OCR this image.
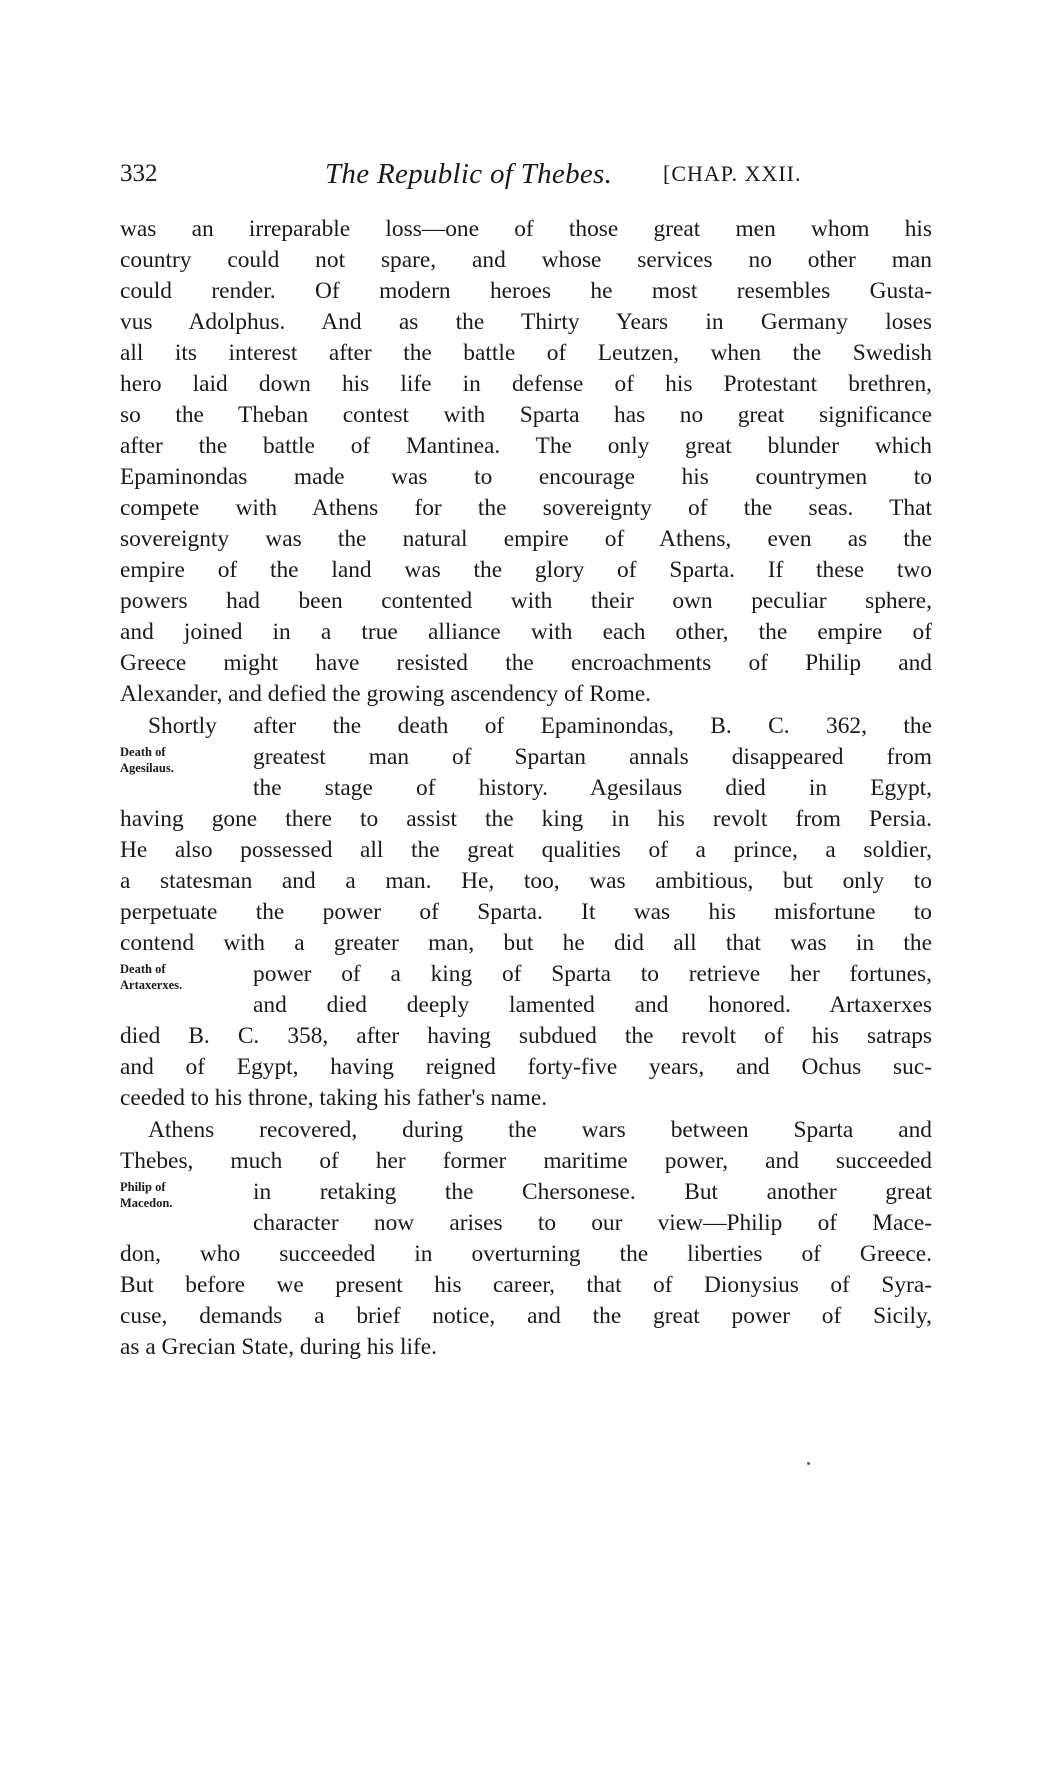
332	The Republic of Thebes. [CHAP. XXII.
was an irreparable loss—one of those great men whom his
country could not spare, and whose services no other man
could render. Of modern heroes he most resembles Gusta-
vus Adolphus. And as the Thirty Years in Germany loses
all its interest after the battle of Leutzen, when the Swedish
hero laid down his life in defense of his Protestant brethren,
so the Theban contest with Sparta has no great significance
after the battle of Mantinea. The only great blunder which
Epaminondas made was to encourage his countrymen to
compete with Athens for the sovereignty of the seas. That
sovereignty was the natural empire of Athens, even as the
empire of the land was the glory of Sparta. If these two
powers had been contented with their own peculiar sphere,
and joined in a true alliance with each other, the empire of
Greece might have resisted the encroachments of Philip and
Alexander, and defied the growing ascendency of Rome.
Shortly after the death of Epaminondas, B. C. 362, the
greatest man of Spartan annals disappeared from
the stage of history. Agesilaus died in Egypt,
having gone there to assist the king in his revolt from Persia.
He also possessed all the great qualities of a prince, a soldier,
a statesman and a man. He, too, was ambitious, but only to
perpetuate the power of Sparta. It was his misfortune to
contend with a greater man, but he did all that was in the
power of a king of Sparta to retrieve her fortunes,
and died deeply lamented and honored. Artaxerxes
died B. C. 358, after having subdued the revolt of his satraps
and of Egypt, having reigned forty-five years, and Ochus suc-
ceeded to his throne, taking his father's name.
Athens recovered, during the wars between Sparta and
Thebes, much of her former maritime power, and succeeded
in retaking the Chersonese. But another great
character now arises to our view—Philip of Mace-
don, who succeeded in overturning the liberties of Greece.
But before we present his career, that of Dionysius of Syra-
cuse, demands a brief notice, and the great power of Sicily,
as a Grecian State, during his life.
Death of
Agesilaus.
Death of
Artaxerxes.
Philip of
Macedon.
